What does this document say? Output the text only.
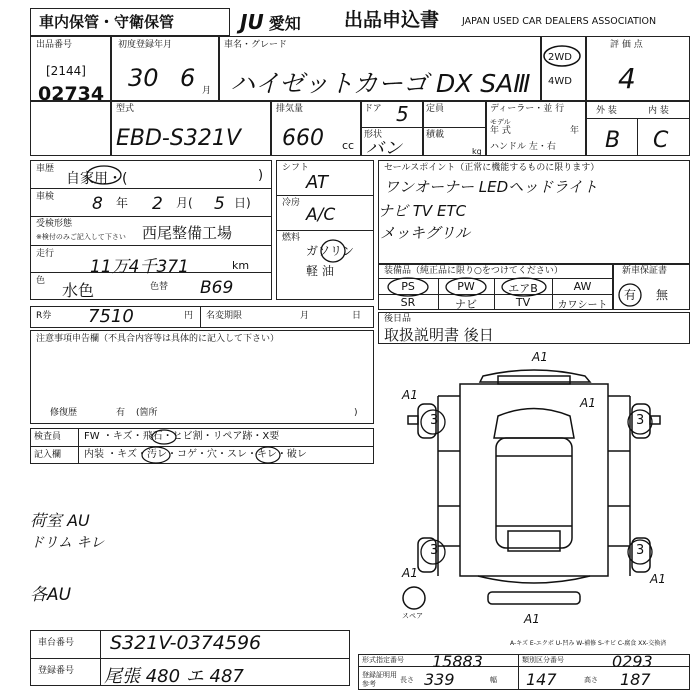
車内保管・守衛保管	JU 愛知 出品申込書 JAPAN USED CAR DEALERS ASSOCIATION
出品番号
[2144]
02734
初度登録年月
30 6 月
車名・グレード
ハイゼットカーゴ DX SAⅢ
2WD
4WD
評 価 点
4
外 装	内 装
B C
型式
EBD-S321V
排気量
660 cc
ドア 5 定員
形状
バン
積載
kg
ディーラー・並 行
モデル
年 式	年
ハンドル 左・右
車歴
自家用・(	)
車検 8 年 2 月( 5 日)
受検形態
※検付のみご記入して下さい 西尾整備工場
走行
11万4千371	km
色 水色	色替 B69
シフト
AT
冷房
A/C
燃料
ガソリン
軽 油
セールスポイント（正常に機能するものに限ります）
ワンオーナー LEDヘッドライト
ナビ TV ETC
メッキグリル
装備品（純正品に限り○をつけてください）
PS	PW	エアB	AW
SR	ナビ	TV	カワシート
新車保証書
有 無
R券 7510	円 名変期限	月	日	後日品
取扱説明書 後日
注意事項申告欄（不具合内容等は具体的に記入して下さい）
修復歴	有 (箇所	)
検査員
記入欄
FW ・キズ・飛石・ヒビ割・リペア跡・X要
内装 ・キズ・汚レ・コゲ・穴・スレ・キレ・破レ
荷室 AU
ドリム キレ
各AU
A1
A1
A1
A1	A1
A1
3	3
3	3
スペア
A-キズ E-エクボ U-凹み W-補修 S-サビ C-腐食 XX-交換済
車台番号 S321V-0374596
登録番号 尾張 480 エ 487
形式指定番号 15883	類別区分番号	0293
登録証明用
参考	長さ 339	幅 147	高さ 187
